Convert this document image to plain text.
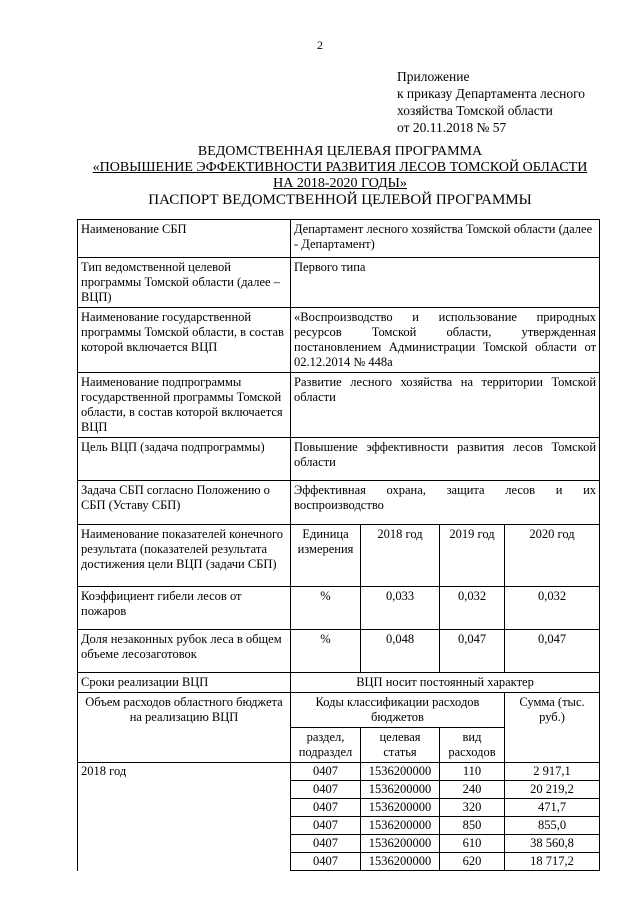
2
Приложение
к приказу Департамента лесного
хозяйства Томской области
от 20.11.2018 № 57
ВЕДОМСТВЕННАЯ ЦЕЛЕВАЯ ПРОГРАММА
«ПОВЫШЕНИЕ ЭФФЕКТИВНОСТИ РАЗВИТИЯ ЛЕСОВ ТОМСКОЙ ОБЛАСТИ
НА 2018-2020 ГОДЫ»
ПАСПОРТ ВЕДОМСТВЕННОЙ ЦЕЛЕВОЙ ПРОГРАММЫ
Наименование СБП	Департамент лесного хозяйства Томской области (далее - Департамент)			
Тип ведомственной целевой программы Томской области (далее – ВЦП)	Первого типа			
Наименование государственной программы Томской области, в состав которой включается ВЦП	«Воспроизводство и использование природных ресурсов Томской области, утвержденная постановлением Администрации Томской области от 02.12.2014 № 448а			
Наименование подпрограммы государственной программы Томской области, в состав которой включается ВЦП	Развитие лесного хозяйства на территории Томской области			
Цель ВЦП (задача подпрограммы)	Повышение эффективности развития лесов Томской области			
Задача СБП согласно Положению о СБП (Уставу СБП)	Эффективная охрана, защита лесов и их воспроизводство			
Наименование показателей конечного результата (показателей результата достижения цели ВЦП (задачи СБП)	Единица измерения	2018 год	2019 год	2020 год
Коэффициент гибели лесов от пожаров	%	0,033	0,032	0,032
Доля незаконных рубок леса в общем объеме лесозаготовок	%	0,048	0,047	0,047
Сроки реализации ВЦП	ВЦП носит постоянный характер			

Объем расходов областного бюджета
на реализацию ВЦП	Коды классификации расходов бюджетов			Сумма (тыс. руб.)
	раздел, подраздел	целевая статья	вид расходов	
2018 год	0407	1536200000	110	2 917,1
	0407	1536200000	240	20 219,2
	0407	1536200000	320	471,7
	0407	1536200000	850	855,0
	0407	1536200000	610	38 560,8
	0407	1536200000	620	18 717,2
